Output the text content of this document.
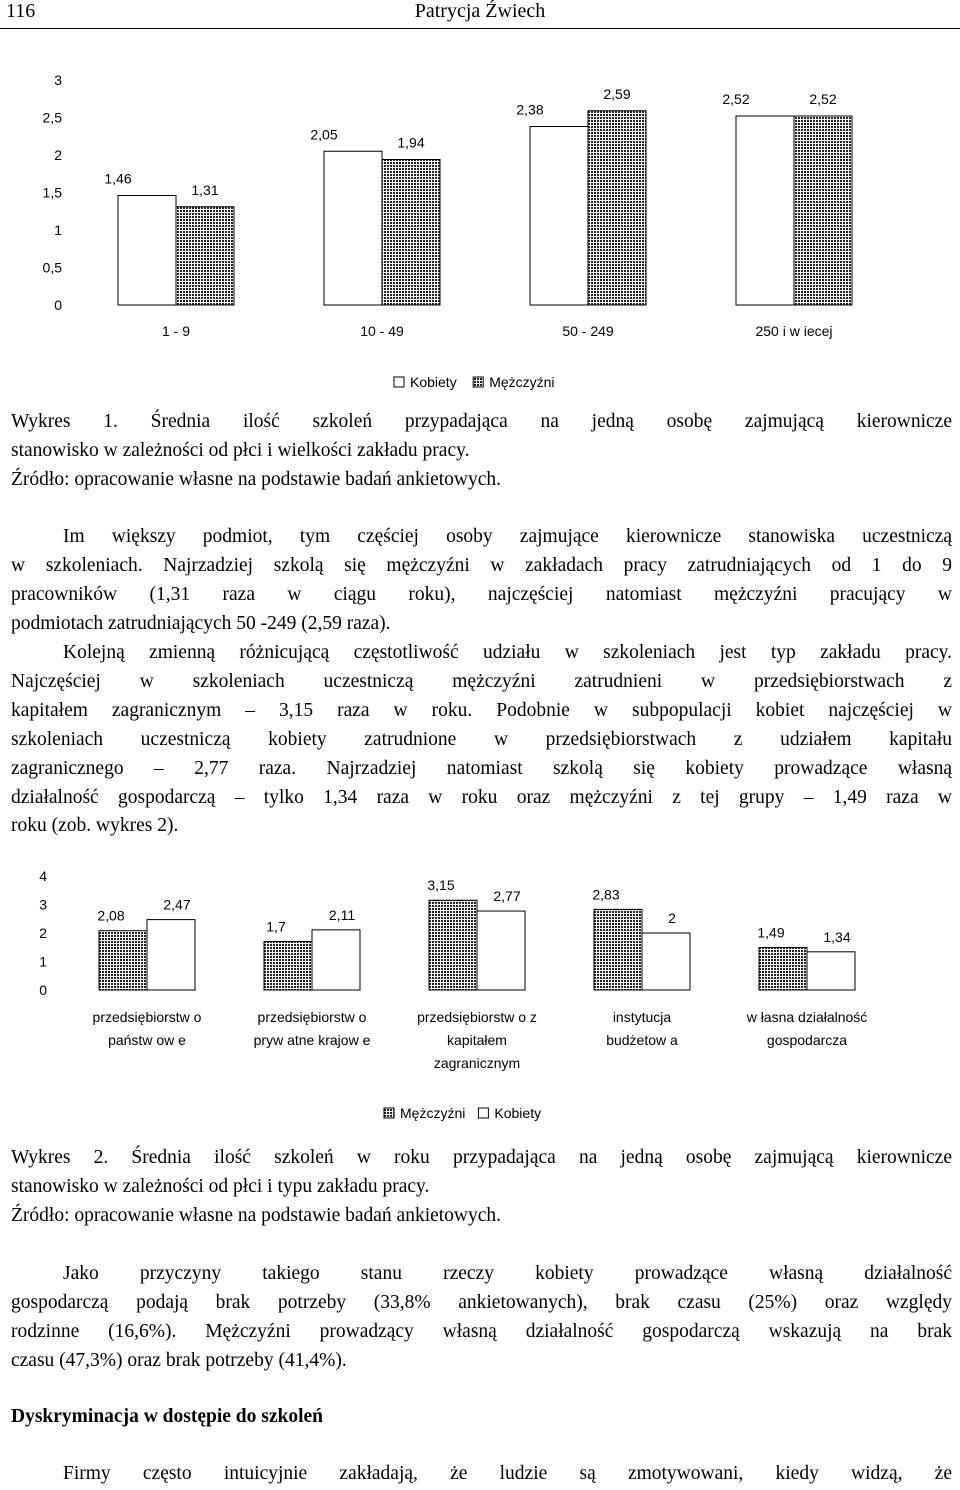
116	Patrycja Źwiech
3
2,5
2
1,5
1
0,5
0
1,46
1,31
1 - 9
2,05
1,94
10 - 49
2,38
2,59
50 - 249
2,52	2,52
250 i w iecej
Kobiety Mężczyźni
4
3
2
1
0
2,08
2,47
przedsiębiorstw o
państw ow e
1,7
2,11
przedsiębiorstw o
pryw atne krajow e
3,15
2,77
przedsiębiorstw o z
kapitałem
zagranicznym
2,83
2
instytucja
budżetow a
1,49	1,34
w łasna działalność
gospodarcza
Mężczyźni Kobiety
Wykres 1. Średnia ilość szkoleń przypadająca na jedną osobę zajmującą kierownicze
stanowisko w zależności od płci i wielkości zakładu pracy.
Źródło: opracowanie własne na podstawie badań ankietowych.
Im większy podmiot, tym częściej osoby zajmujące kierownicze stanowiska uczestniczą
w szkoleniach. Najrzadziej szkolą się mężczyźni w zakładach pracy zatrudniających od 1 do 9
pracowników (1,31 raza w ciągu roku), najczęściej natomiast mężczyźni pracujący w
podmiotach zatrudniających 50 -249 (2,59 raza).
Kolejną zmienną różnicującą częstotliwość udziału w szkoleniach jest typ zakładu pracy.
Najczęściej w szkoleniach uczestniczą mężczyźni zatrudnieni w przedsiębiorstwach z
kapitałem zagranicznym – 3,15 raza w roku. Podobnie w subpopulacji kobiet najczęściej w
szkoleniach uczestniczą kobiety zatrudnione w przedsiębiorstwach z udziałem kapitału
zagranicznego – 2,77 raza. Najrzadziej natomiast szkolą się kobiety prowadzące własną
działalność gospodarczą – tylko 1,34 raza w roku oraz mężczyźni z tej grupy – 1,49 raza w
roku (zob. wykres 2).
Wykres 2. Średnia ilość szkoleń w roku przypadająca na jedną osobę zajmującą kierownicze
stanowisko w zależności od płci i typu zakładu pracy.
Źródło: opracowanie własne na podstawie badań ankietowych.
Jako przyczyny takiego stanu rzeczy kobiety prowadzące własną działalność
gospodarczą podają brak potrzeby (33,8% ankietowanych), brak czasu (25%) oraz względy
rodzinne (16,6%). Mężczyźni prowadzący własną działalność gospodarczą wskazują na brak
czasu (47,3%) oraz brak potrzeby (41,4%).
Dyskryminacja w dostępie do szkoleń
Firmy często intuicyjnie zakładają, że ludzie są zmotywowani, kiedy widzą, że
